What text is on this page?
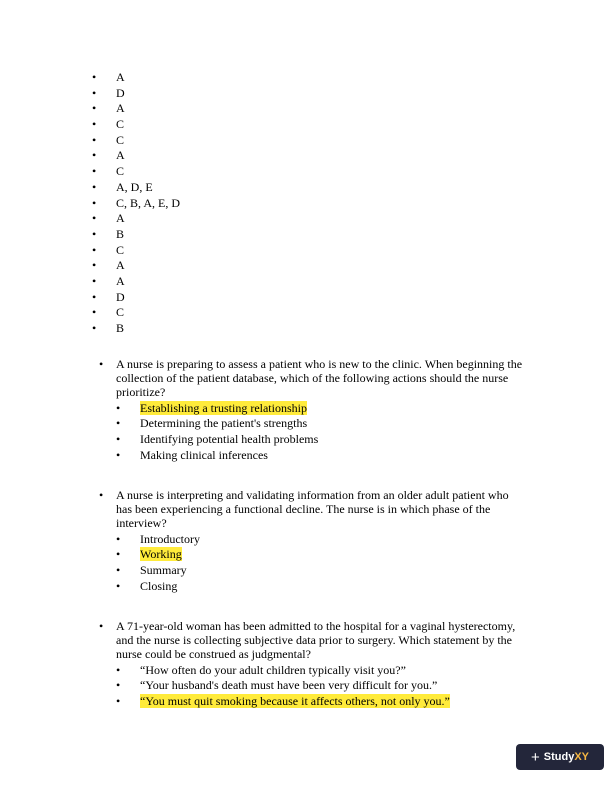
• A
• D
• A
• C
• C
• A
• C
• A, D, E
• C, B, A, E, D
• A
• B
• C
• A
• A
• D
• C
• B
• A nurse is preparing to assess a patient who is new to the clinic. When beginning the collection of the patient database, which of the following actions should the nurse prioritize?
• Establishing a trusting relationship
• Determining the patient's strengths
• Identifying potential health problems
• Making clinical inferences
• A nurse is interpreting and validating information from an older adult patient who has been experiencing a functional decline. The nurse is in which phase of the interview?
• Introductory
• Working
• Summary
• Closing
• A 71-year-old woman has been admitted to the hospital for a vaginal hysterectomy, and the nurse is collecting subjective data prior to surgery. Which statement by the nurse could be construed as judgmental?
• “How often do your adult children typically visit you?”
• “Your husband's death must have been very difficult for you.”
• “You must quit smoking because it affects others, not only you.”
+ StudyXY
